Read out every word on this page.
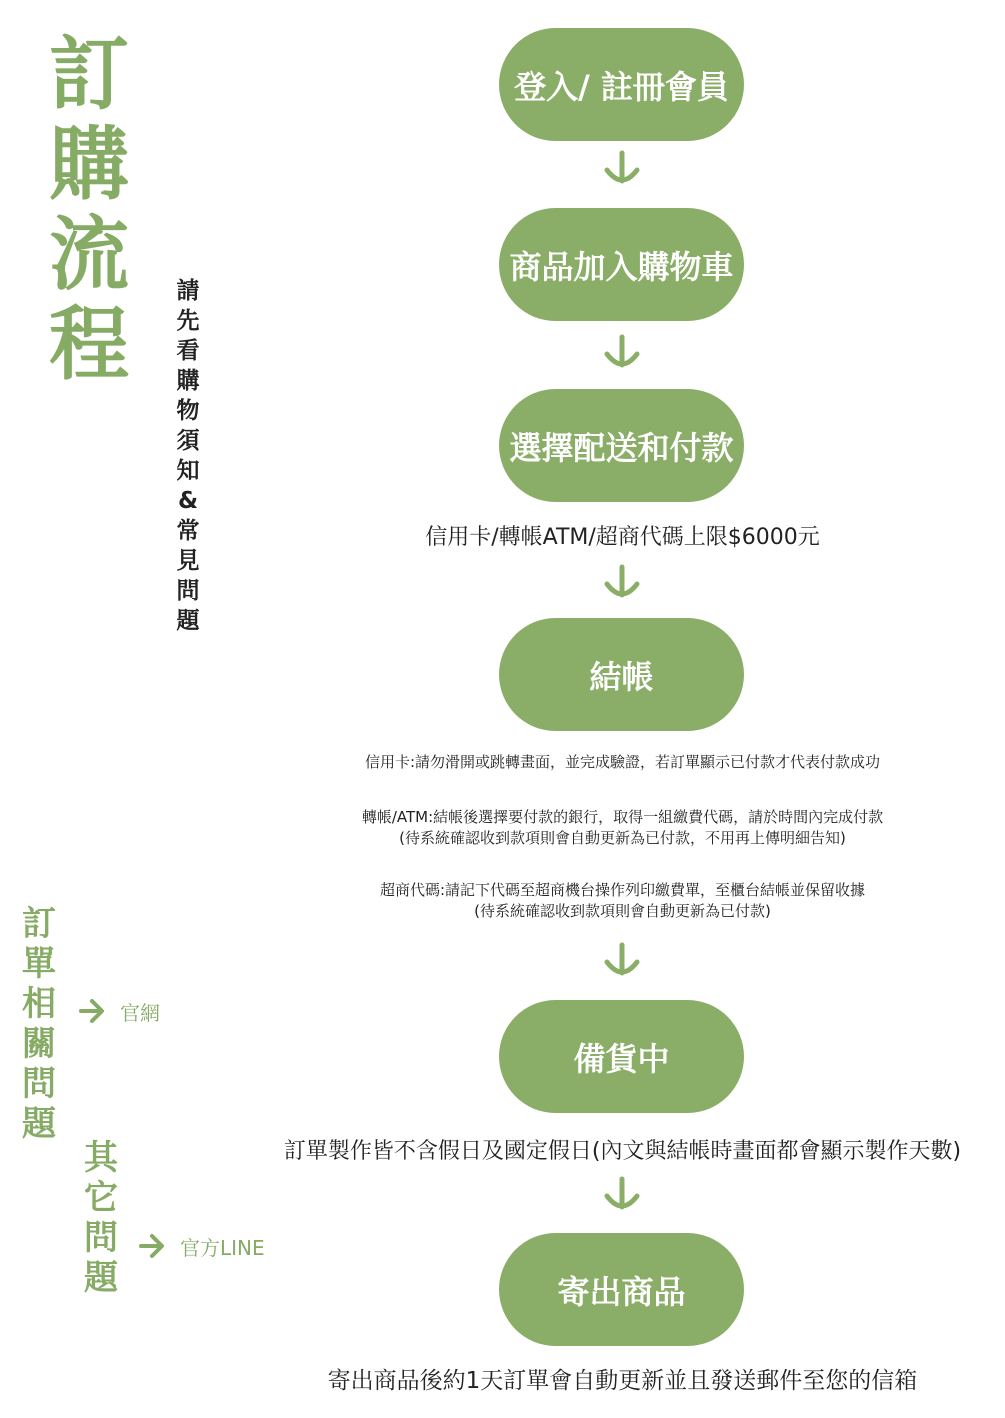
訂
購
流
程
請
先
看
購
物
須
知
&
常
見
問
題
訂
單
相
關
問
題
官網
其
它
問
題
官方LINE
登入/ 註冊會員
商品加入購物車
選擇配送和付款
信用卡/轉帳ATM/超商代碼上限$6000元
結帳
信用卡:請勿滑開或跳轉畫面，並完成驗證，若訂單顯示已付款才代表付款成功
轉帳/ATM:結帳後選擇要付款的銀行，取得一組繳費代碼，請於時間內完成付款
(待系統確認收到款項則會自動更新為已付款，不用再上傳明細告知)
超商代碼:請記下代碼至超商機台操作列印繳費單，至櫃台結帳並保留收據
(待系統確認收到款項則會自動更新為已付款)
備貨中
訂單製作皆不含假日及國定假日(內文與結帳時畫面都會顯示製作天數)
寄出商品
寄出商品後約1天訂單會自動更新並且發送郵件至您的信箱
